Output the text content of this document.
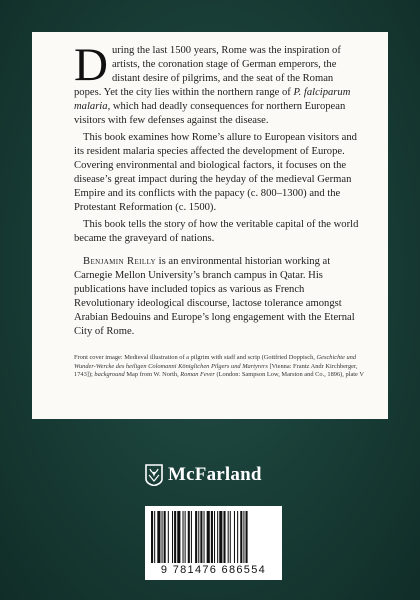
During the last 1500 years, Rome was the inspiration of artists, the coronation stage of German emperors, the distant desire of pilgrims, and the seat of the Roman popes. Yet the city lies within the northern range of P. falciparum malaria, which had deadly consequences for northern European visitors with few defenses against the disease.

This book examines how Rome’s allure to European visitors and its resident malaria species affected the development of Europe. Covering environmental and biological factors, it focuses on the disease’s great impact during the heyday of the medieval German Empire and its conflicts with the papacy (c. 800–1300) and the Protestant Reformation (c. 1500).

This book tells the story of how the veritable capital of the world became the graveyard of nations.

Benjamin Reilly is an environmental historian working at Carnegie Mellon University’s branch campus in Qatar. His publications have included topics as various as French Revolutionary ideological discourse, lactose tolerance amongst Arabian Bedouins and Europe’s long engagement with the Eternal City of Rome.

Front cover image: Medieval illustration of a pilgrim with staff and scrip (Gottfried Doppisch, Geschichte und Wunder-Wercke des heiligen Colomanni Königlichen Pilgers und Martyrers [Vienna: Frantz Andr Kirchberger, 1743]); background Map from W. North, Roman Fever (London: Sampson Low, Marston and Co., 1896), plate V

McFarland
9 781476 686554
